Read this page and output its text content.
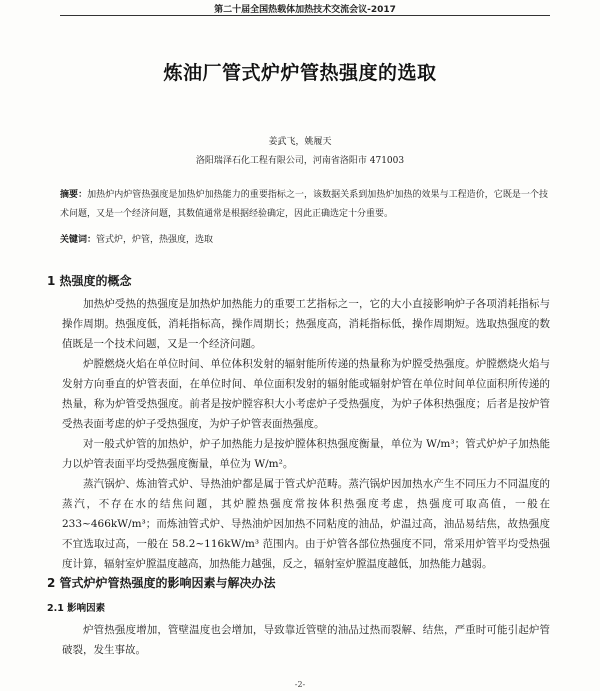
第二十届全国热载体加热技术交流会议-2017
炼油厂管式炉炉管热强度的选取
姜武飞，姚履天
洛阳瑞泽石化工程有限公司，河南省洛阳市 471003
摘要：加热炉内炉管热强度是加热炉加热能力的重要指标之一，该数据关系到加热炉加热的效果与工程造价，它既是一个技术问题，又是一个经济问题，其数值通常是根据经验确定，因此正确选定十分重要。
关键词：管式炉，炉管，热强度，选取
1 热强度的概念
加热炉受热的热强度是加热炉加热能力的重要工艺指标之一，它的大小直接影响炉子各项消耗指标与操作周期。热强度低，消耗指标高，操作周期长；热强度高，消耗指标低，操作周期短。选取热强度的数值既是一个技术问题，又是一个经济问题。
炉膛燃烧火焰在单位时间、单位体积发射的辐射能所传递的热量称为炉膛受热强度。炉膛燃烧火焰与发射方向垂直的炉管表面，在单位时间、单位面积发射的辐射能或辐射炉管在单位时间单位面积所传递的热量，称为炉管受热强度。前者是按炉膛容积大小考虑炉子受热强度，为炉子体积热强度；后者是按炉管受热表面考虑的炉子受热强度，为炉子炉管表面热强度。
对一般式炉管的加热炉，炉子加热能力是按炉膛体积热强度衡量，单位为 W/m³；管式炉炉子加热能力以炉管表面平均受热强度衡量，单位为 W/m²。
蒸汽锅炉、炼油管式炉、导热油炉都是属于管式炉范畴。蒸汽锅炉因加热水产生不同压力不同温度的蒸汽，不存在水的结焦问题，其炉膛热强度常按体积热强度考虑，热强度可取高值，一般在 233~466kW/m³；而炼油管式炉、导热油炉因加热不同粘度的油品，炉温过高，油品易结焦，故热强度不宜选取过高，一般在 58.2~116kW/m³ 范围内。由于炉管各部位热强度不同，常采用炉管平均受热强度计算，辐射室炉膛温度越高，加热能力越强，反之，辐射室炉膛温度越低，加热能力越弱。
2 管式炉炉管热强度的影响因素与解决办法
2.1 影响因素
炉管热强度增加，管壁温度也会增加，导致靠近管壁的油品过热而裂解、结焦，严重时可能引起炉管破裂，发生事故。
-2-
